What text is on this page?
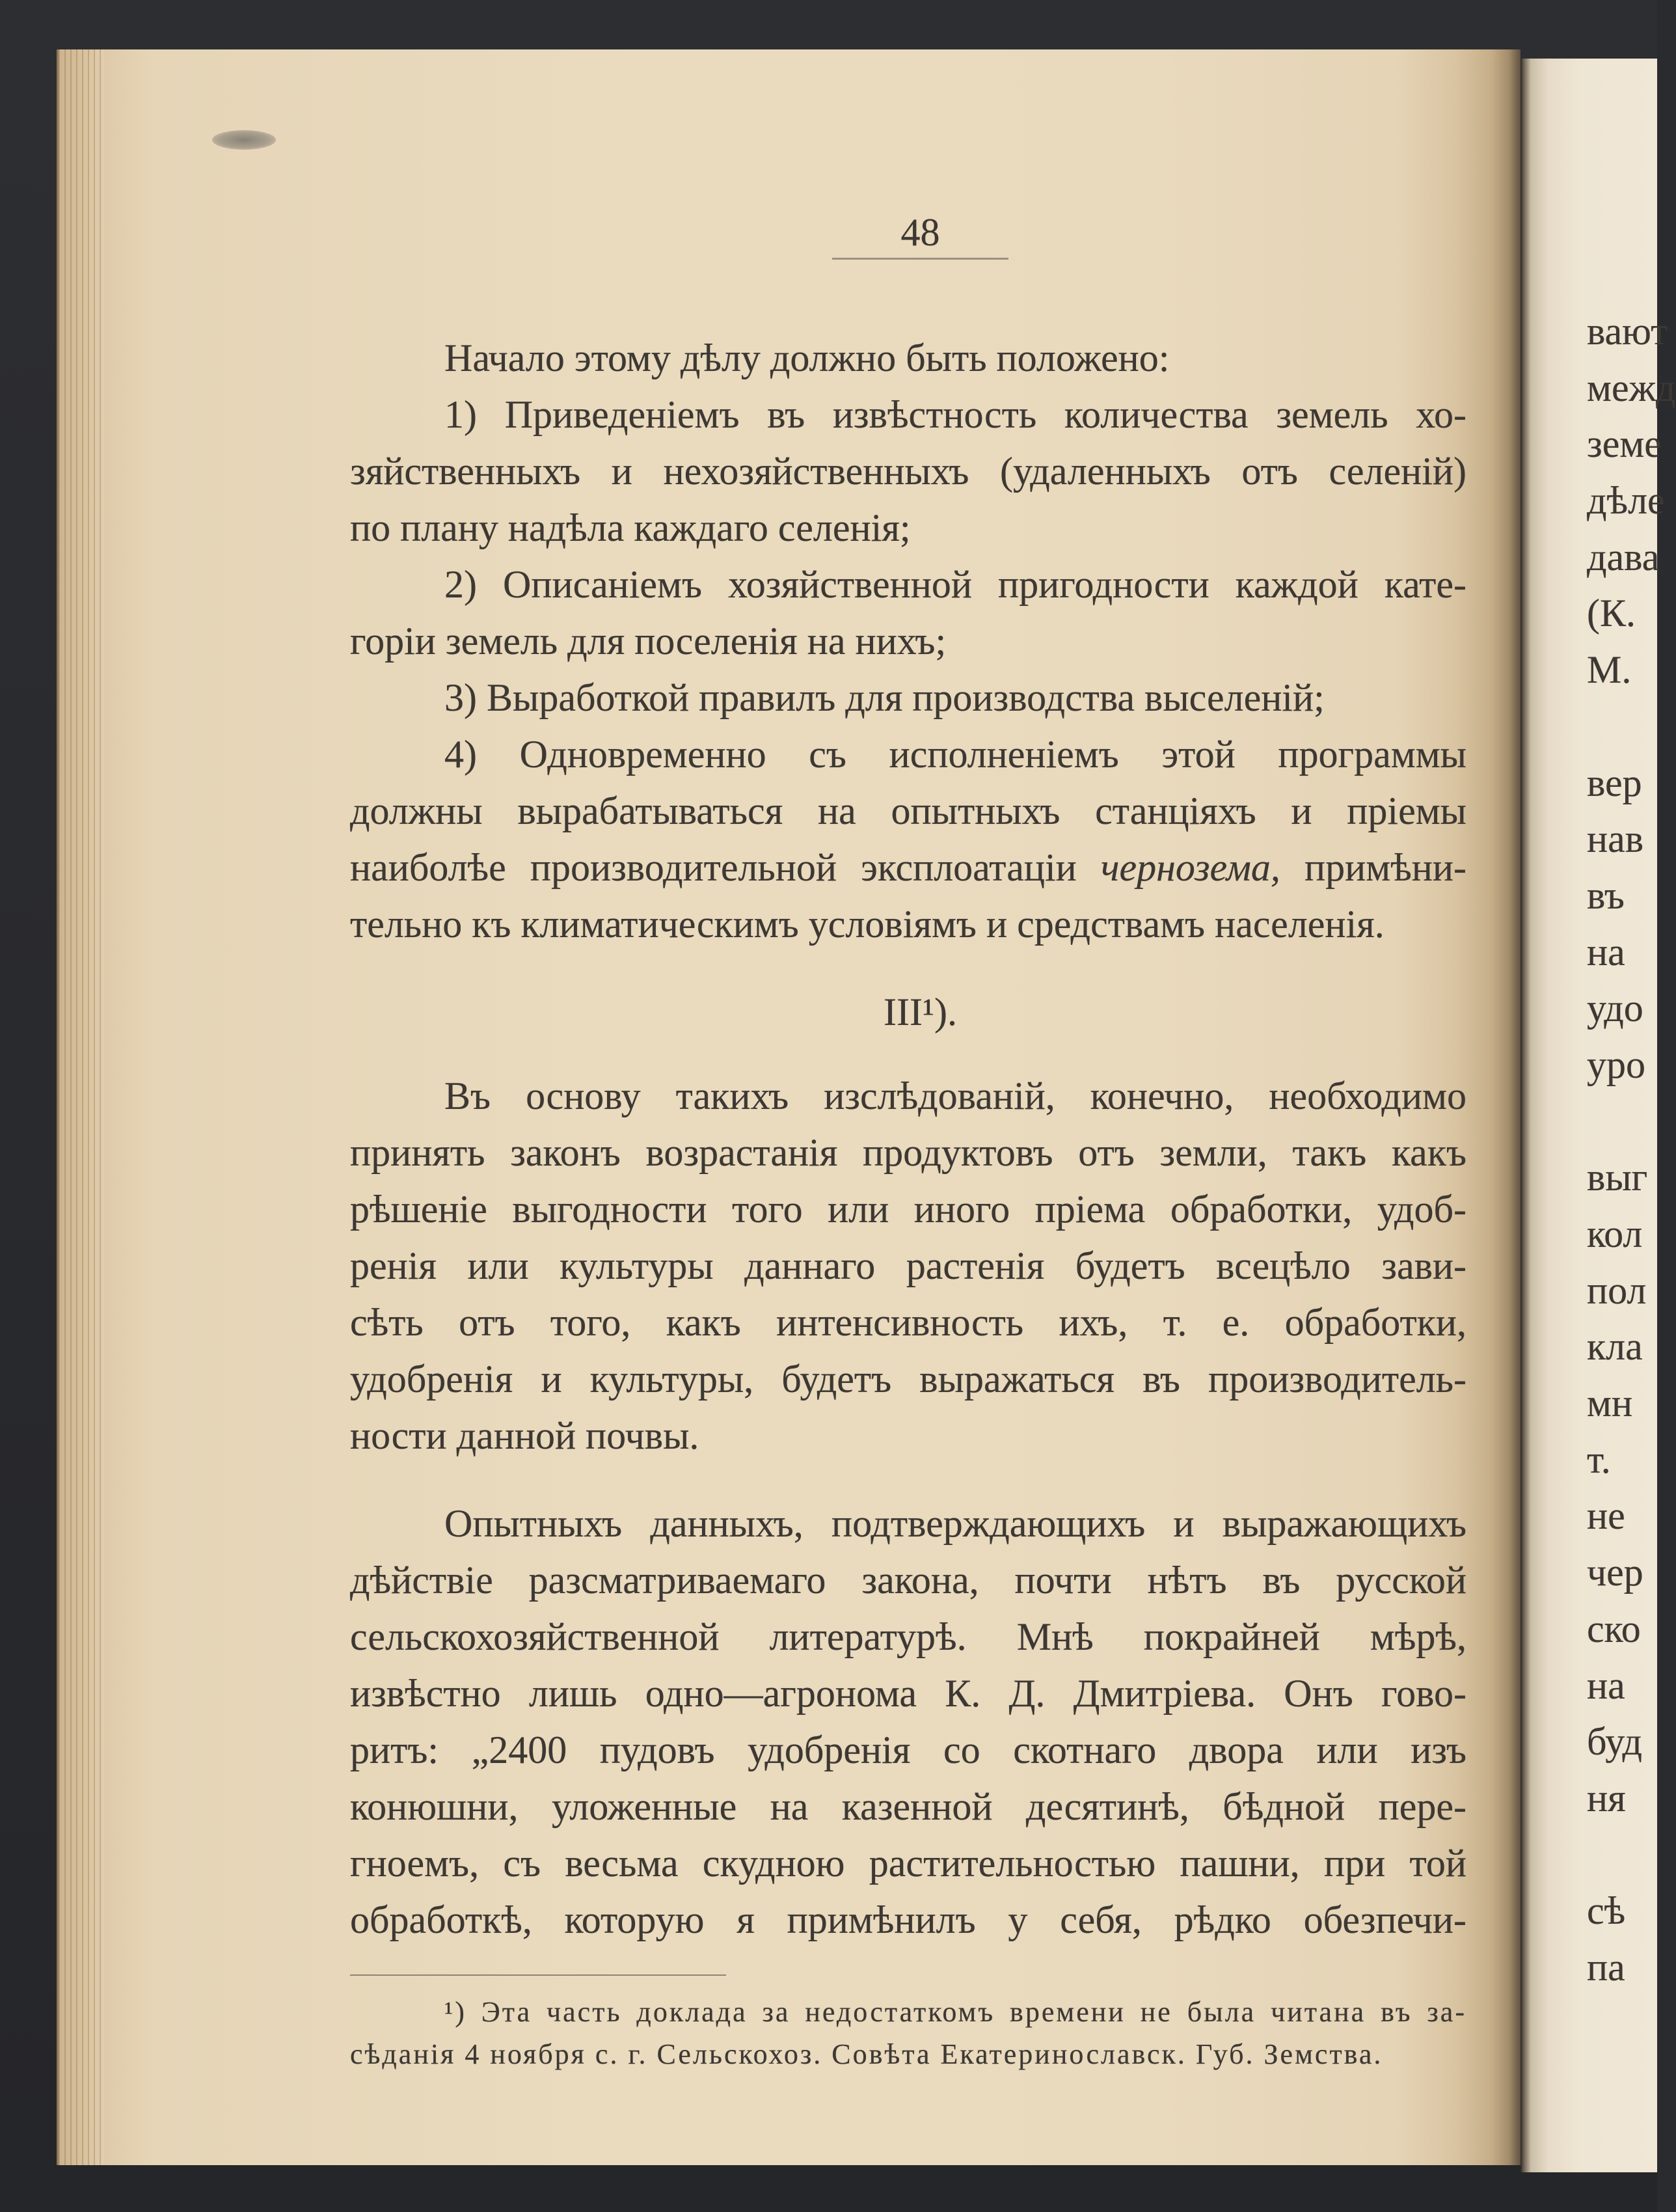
48
Начало этому дѣлу должно быть положено:
1) Приведеніемъ въ извѣстность количества земель хо-
зяйственныхъ и нехозяйственныхъ (удаленныхъ отъ селеній)
по плану надѣла каждаго селенія;
2) Описаніемъ хозяйственной пригодности каждой кате-
горіи земель для поселенія на нихъ;
3) Выработкой правилъ для производства выселеній;
4) Одновременно съ исполненіемъ этой программы
должны вырабатываться на опытныхъ станціяхъ и пріемы
наиболѣе производительной эксплоатаціи чернозема, примѣни-
тельно къ климатическимъ условіямъ и средствамъ населенія.
III¹).
Въ основу такихъ изслѣдованій, конечно, необходимо
принять законъ возрастанія продуктовъ отъ земли, такъ какъ
рѣшеніе выгодности того или иного пріема обработки, удоб-
ренія или культуры даннаго растенія будетъ всецѣло зави-
сѣть отъ того, какъ интенсивность ихъ, т. е. обработки,
удобренія и культуры, будетъ выражаться въ производитель-
ности данной почвы.
Опытныхъ данныхъ, подтверждающихъ и выражающихъ
дѣйствіе разсматриваемаго закона, почти нѣтъ въ русской
сельскохозяйственной литературѣ. Мнѣ покрайней мѣрѣ,
извѣстно лишь одно—агронома К. Д. Дмитріева. Онъ гово-
ритъ: „2400 пудовъ удобренія со скотнаго двора или изъ
конюшни, уложенные на казенной десятинѣ, бѣдной пере-
гноемъ, съ весьма скудною растительностью пашни, при той
обработкѣ, которую я примѣнилъ у себя, рѣдко обезпечи-
¹) Эта часть доклада за недостаткомъ времени не была читана въ за-
сѣданія 4 ноября с. г. Сельскохоз. Совѣта Екатеринославск. Губ. Земства.
вают
межд
земе
дѣле
дава
(К.
М.
вер
нав
въ
на
удо
уро
выг
кол
пол
кла
мн
т.
не
чер
ско
на
буд
ня
сѣ
па
